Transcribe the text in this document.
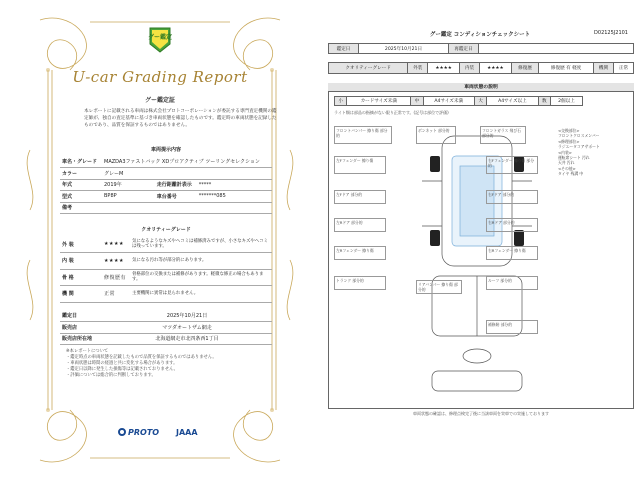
グー鑑定
U-car Grading Report
グー鑑定証
本レポートに記載される車両は株式会社プロトコーポレーションが委託する専門査定機関の鑑定師が、独自の査定基準に基づき車両状態を確認したものです。鑑定時の車両状態を記録したものであり、品質を保証するものではありません。
車両提示内容
車名・グレード	MAZDA3ファストバック XDプロアクティブ ツーリングセレクション		
カラー	グレーM		
年式	2019年	走行距離計表示	*****
型式	BP8P	車台番号	*******085
備考			
クオリティーグレード
外 装	★★★★	気になるようなキズやヘコミは補修済みですが、小さなキズやヘコミは残っています。
内 装	★★★★	気になる汚れ等が部分的にあります。
骨 格	修復歴有	骨格部位の交換または補修があります。軽微な修正の場合もあります。
機 関	正常	主要機関に異常は見られません。
鑑定日	2025年10月21日
販売店	マツダオートザム網走
販売店所在地	北海道網走市北四条西1丁目
※本レポートについて
・鑑定時点の車両状態を記載したもので品質を保証するものではありません。
・車両状態は時間の経過と共に変化する場合があります。
・鑑定日以降に発生した損傷等は記載されておりません。
・評価については総合的に判断しております。
PROTO JAAA
グー鑑定 コンディションチェックシート	D02125J2101
鑑定日	2025年10月21日	再鑑定日	
クオリティーグレード	外装	★★★★	内装	★★★★	修復歴	修復歴 有 軽度	機関	正常
車両状態の説明
小	カードサイズ未満	中	A4サイズ未満	大	A4サイズ以上	数	2個以上
ライト類は部品の指摘がない限り正常です。(記号は部位で評価)
フロントバンパー 擦り傷 部分的
ボンネット 部分的	フロントガラス 飛び石 部分的
左Fフェンダー 擦り傷	右Fフェンダー 擦り傷 部分的
左Fドア 部分的	右Fドア 部分的
左Rドア 部分的	右Rドア 部分的
左Rフェンダー 擦り傷	右Rフェンダー 擦り傷
トランク 部分的
リアバンパー 擦り傷 部分的
ルーフ 部分的
補修跡 部分的
<交換部位>
フロントクロスメンバー
<修理部位>
ラジエータコアサポート
<内装>
運転席シート 汚れ
天井 汚れ
<その他>
タイヤ 残溝 中
車両状態の確認は、修理点検完了後に当該車両を実車での実施しております
